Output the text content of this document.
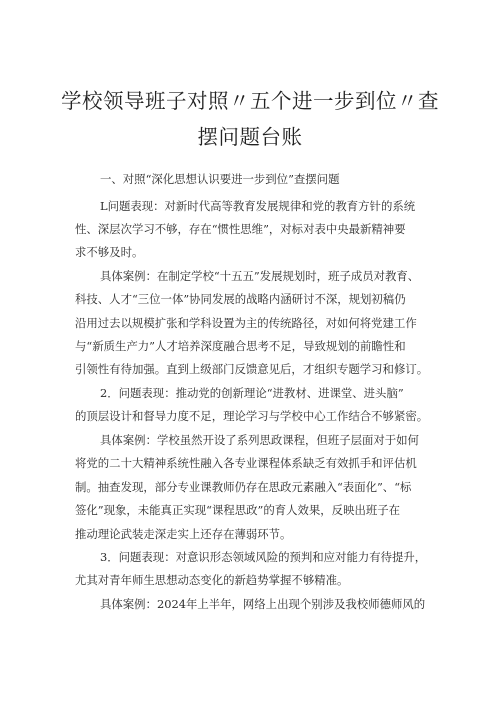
学校领导班子对照〃五个进一步到位〃查
摆问题台账
一、对照“深化思想认识要进一步到位”查摆问题
L问题表现：对新时代高等教育发展规律和党的教育方针的系统
性、深层次学习不够，存在“惯性思维”，对标对表中央最新精神要
求不够及时。
具体案例：在制定学校“十五五”发展规划时，班子成员对教育、
科技、人才“三位一体”协同发展的战略内涵研讨不深，规划初稿仍
沿用过去以规模扩张和学科设置为主的传统路径，对如何将党建工作
与“新质生产力”人才培养深度融合思考不足，导致规划的前瞻性和
引领性有待加强。直到上级部门反馈意见后，才组织专题学习和修订。
2．问题表现：推动党的创新理论“进教材、进课堂、进头脑”
的顶层设计和督导力度不足，理论学习与学校中心工作结合不够紧密。
具体案例：学校虽然开设了系列思政课程，但班子层面对于如何
将党的二十大精神系统性融入各专业课程体系缺乏有效抓手和评估机
制。抽查发现，部分专业课教师仍存在思政元素融入“表面化”、“标
签化”现象，未能真正实现“课程思政”的育人效果，反映出班子在
推动理论武装走深走实上还存在薄弱环节。
3．问题表现：对意识形态领域风险的预判和应对能力有待提升，
尤其对青年师生思想动态变化的新趋势掌握不够精准。
具体案例：2024年上半年，网络上出现个别涉及我校师德师风的
